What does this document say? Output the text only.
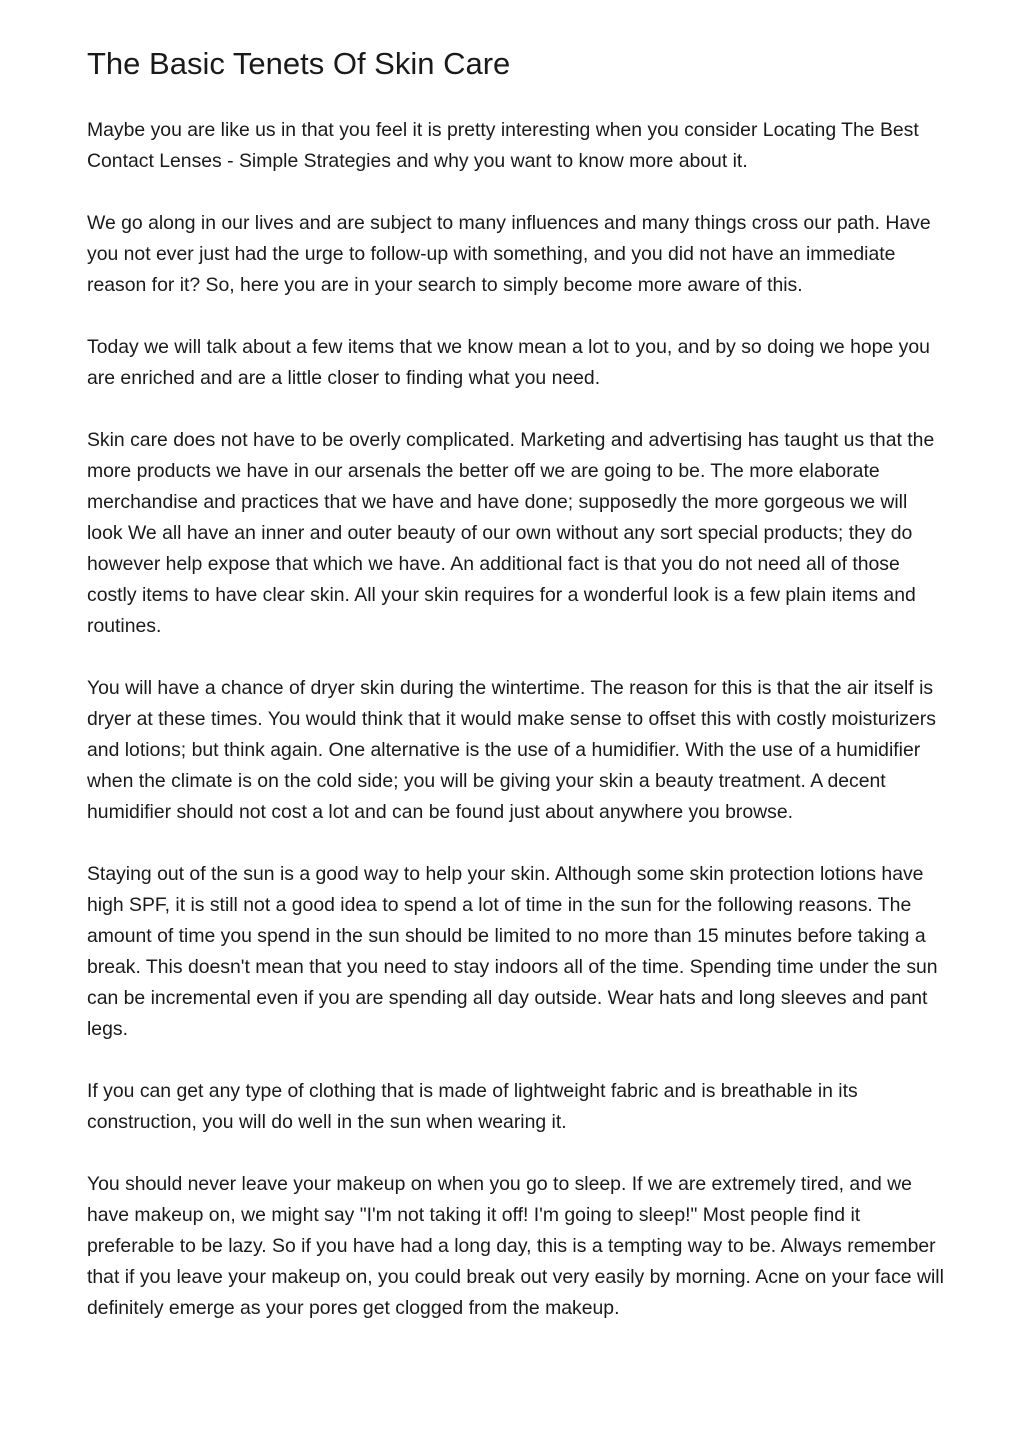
The Basic Tenets Of Skin Care

Maybe you are like us in that you feel it is pretty interesting when you consider Locating The Best Contact Lenses - Simple Strategies and why you want to know more about it.

We go along in our lives and are subject to many influences and many things cross our path. Have you not ever just had the urge to follow-up with something, and you did not have an immediate reason for it? So, here you are in your search to simply become more aware of this.

Today we will talk about a few items that we know mean a lot to you, and by so doing we hope you are enriched and are a little closer to finding what you need.

Skin care does not have to be overly complicated. Marketing and advertising has taught us that the more products we have in our arsenals the better off we are going to be. The more elaborate merchandise and practices that we have and have done; supposedly the more gorgeous we will look We all have an inner and outer beauty of our own without any sort special products; they do however help expose that which we have. An additional fact is that you do not need all of those costly items to have clear skin. All your skin requires for a wonderful look is a few plain items and routines.

You will have a chance of dryer skin during the wintertime. The reason for this is that the air itself is dryer at these times. You would think that it would make sense to offset this with costly moisturizers and lotions; but think again. One alternative is the use of a humidifier. With the use of a humidifier when the climate is on the cold side; you will be giving your skin a beauty treatment. A decent humidifier should not cost a lot and can be found just about anywhere you browse.

Staying out of the sun is a good way to help your skin. Although some skin protection lotions have high SPF, it is still not a good idea to spend a lot of time in the sun for the following reasons. The amount of time you spend in the sun should be limited to no more than 15 minutes before taking a break. This doesn't mean that you need to stay indoors all of the time. Spending time under the sun can be incremental even if you are spending all day outside. Wear hats and long sleeves and pant legs.

If you can get any type of clothing that is made of lightweight fabric and is breathable in its construction, you will do well in the sun when wearing it.

You should never leave your makeup on when you go to sleep. If we are extremely tired, and we have makeup on, we might say "I'm not taking it off! I'm going to sleep!" Most people find it preferable to be lazy. So if you have had a long day, this is a tempting way to be. Always remember that if you leave your makeup on, you could break out very easily by morning. Acne on your face will definitely emerge as your pores get clogged from the makeup.
